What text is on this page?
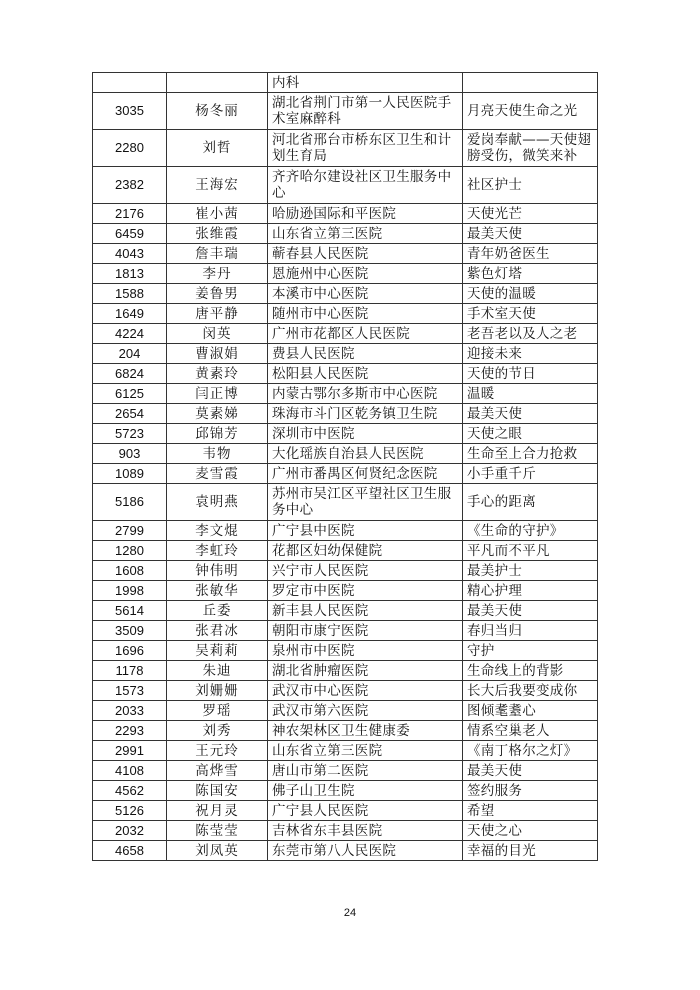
		内科	
3035	杨冬丽	湖北省荆门市第一人民医院手术室麻醉科	月亮天使生命之光
2280	刘哲	河北省邢台市桥东区卫生和计划生育局	爱岗奉献——天使翅膀受伤，微笑来补
2382	王海宏	齐齐哈尔建设社区卫生服务中心	社区护士
2176	崔小茜	哈励逊国际和平医院	天使光芒
6459	张维霞	山东省立第三医院	最美天使
4043	詹丰瑞	蕲春县人民医院	青年奶爸医生
1813	李丹	恩施州中心医院	紫色灯塔
1588	姜鲁男	本溪市中心医院	天使的温暖
1649	唐平静	随州市中心医院	手术室天使
4224	闵英	广州市花都区人民医院	老吾老以及人之老
204	曹淑娟	费县人民医院	迎接未来
6824	黄素玲	松阳县人民医院	天使的节日
6125	闫正博	内蒙古鄂尔多斯市中心医院	温暖
2654	莫素娣	珠海市斗门区乾务镇卫生院	最美天使
5723	邱锦芳	深圳市中医院	天使之眼
903	韦物	大化瑶族自治县人民医院	生命至上合力抢救
1089	麦雪霞	广州市番禺区何贤纪念医院	小手重千斤
5186	袁明燕	苏州市吴江区平望社区卫生服务中心	手心的距离
2799	李文焜	广宁县中医院	《生命的守护》
1280	李虹玲	花都区妇幼保健院	平凡而不平凡
1608	钟伟明	兴宁市人民医院	最美护士
1998	张敏华	罗定市中医院	精心护理
5614	丘委	新丰县人民医院	最美天使
3509	张君冰	朝阳市康宁医院	春归当归
1696	吴莉莉	泉州市中医院	守护
1178	朱迪	湖北省肿瘤医院	生命线上的背影
1573	刘姗姗	武汉市中心医院	长大后我要变成你
2033	罗瑶	武汉市第六医院	图倾耄耋心
2293	刘秀	神农架林区卫生健康委	情系空巢老人
2991	王元玲	山东省立第三医院	《南丁格尔之灯》
4108	高烨雪	唐山市第二医院	最美天使
4562	陈国安	佛子山卫生院	签约服务
5126	祝月灵	广宁县人民医院	希望
2032	陈莹莹	吉林省东丰县医院	天使之心
4658	刘凤英	东莞市第八人民医院	幸福的目光
24
